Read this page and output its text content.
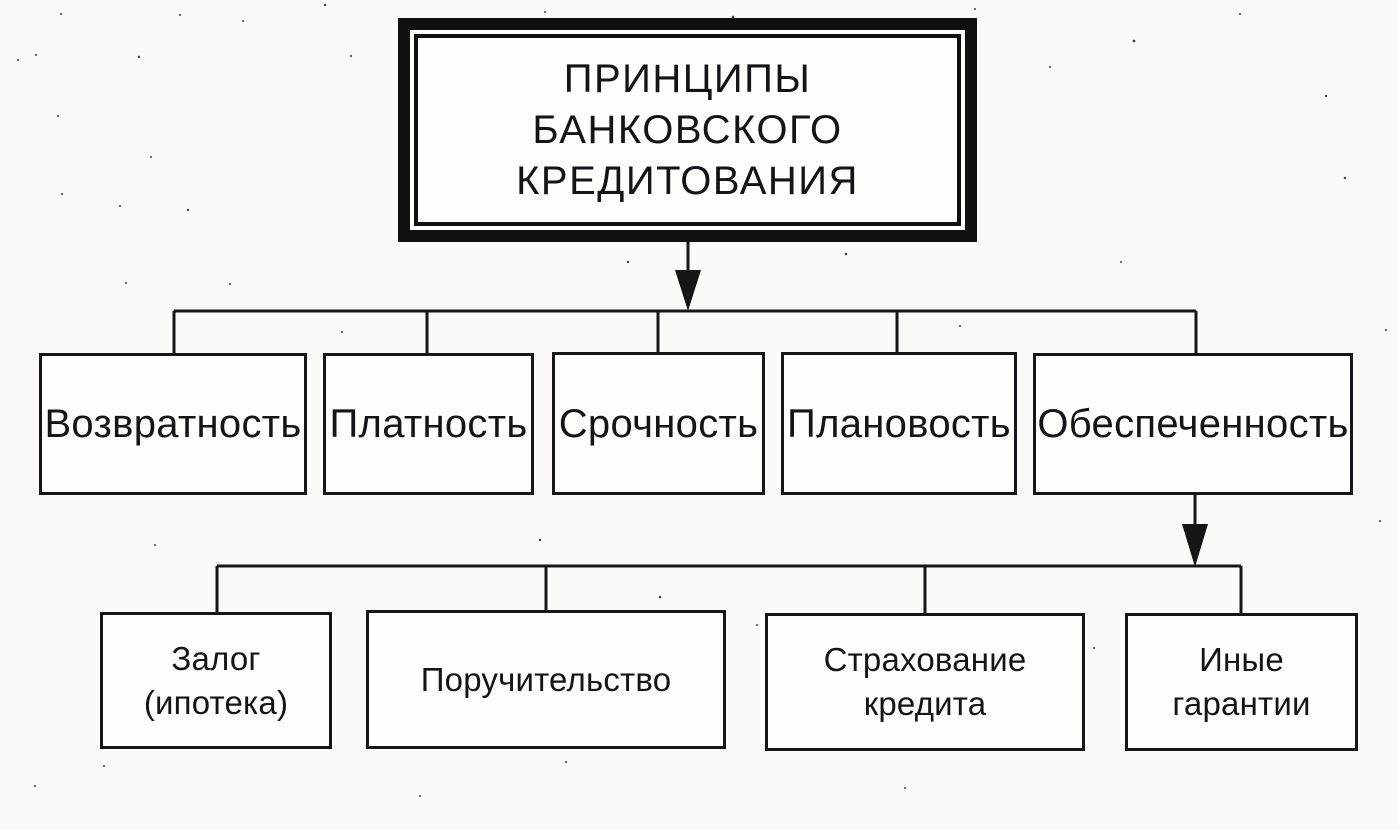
ПРИНЦИПЫ
БАНКОВСКОГО
КРЕДИТОВАНИЯ
Возвратность Платность Срочность Плановость Обеспеченность
Залог
(ипотека)
Поручительство
Страхование
кредита
Иные
гарантии
